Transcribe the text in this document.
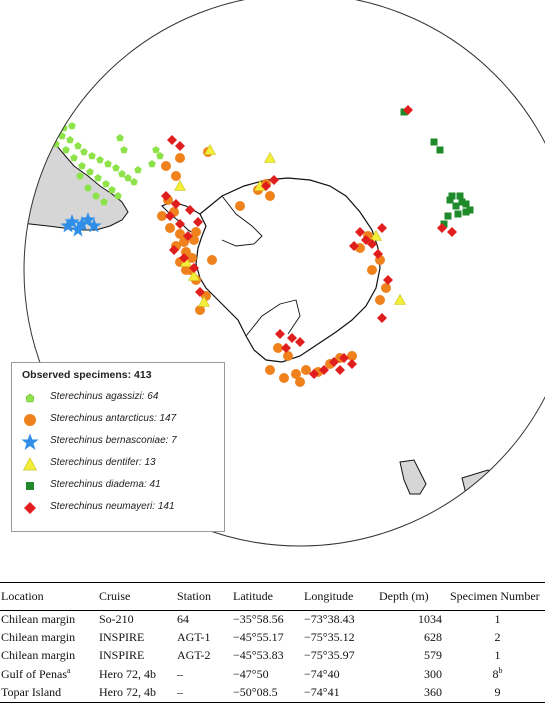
Observed specimens: 413
Sterechinus agassizi: 64
Sterechinus antarcticus: 147
Sterechinus bernasconiae: 7
Sterechinus dentifer: 13
Sterechinus diadema: 41
Sterechinus neumayeri: 141
Location	Cruise	Station	Latitude	Longitude	Depth (m)	Specimen Number
Chilean margin	So-210	64	−35°58.56	−73°38.43	1034	1
Chilean margin	INSPIRE	AGT-1	−45°55.17	−75°35.12	628	2
Chilean margin	INSPIRE	AGT-2	−45°53.83	−75°35.97	579	1
Gulf of Penas$^a$	Hero 72, 4b	–	−47°50	−74°40	300	8$^b$
Topar Island	Hero 72, 4b	–	−50°08.5	−74°41	360	9
